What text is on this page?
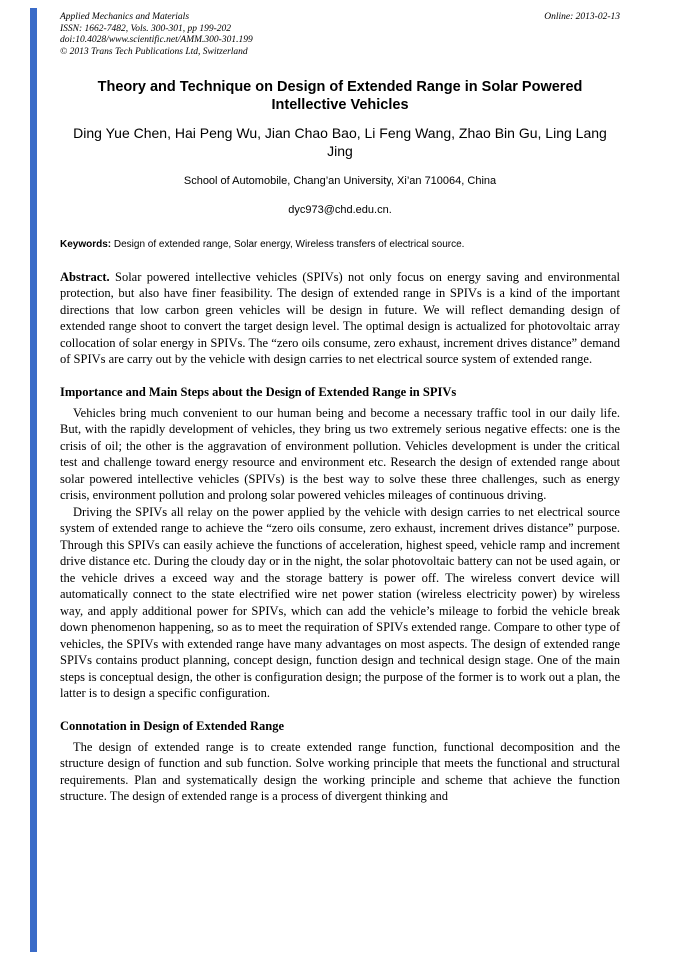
Applied Mechanics and Materials
ISSN: 1662-7482, Vols. 300-301, pp 199-202
doi:10.4028/www.scientific.net/AMM.300-301.199
© 2013 Trans Tech Publications Ltd, Switzerland
Online: 2013-02-13
Theory and Technique on Design of Extended Range in Solar Powered Intellective Vehicles
Ding Yue Chen, Hai Peng Wu, Jian Chao Bao, Li Feng Wang, Zhao Bin Gu, Ling Lang Jing
School of Automobile, Chang’an University, Xi’an 710064, China
dyc973@chd.edu.cn.

Keywords: Design of extended range, Solar energy, Wireless transfers of electrical source.

Abstract. Solar powered intellective vehicles (SPIVs) not only focus on energy saving and environmental protection, but also have finer feasibility. The design of extended range in SPIVs is a kind of the important directions that low carbon green vehicles will be design in future. We will reflect demanding design of extended range shoot to convert the target design level. The optimal design is actualized for photovoltaic array collocation of solar energy in SPIVs. The “zero oils consume, zero exhaust, increment drives distance” demand of SPIVs are carry out by the vehicle with design carries to net electrical source system of extended range.

Importance and Main Steps about the Design of Extended Range in SPIVs

Vehicles bring much convenient to our human being and become a necessary traffic tool in our daily life. But, with the rapidly development of vehicles, they bring us two extremely serious negative effects: one is the crisis of oil; the other is the aggravation of environment pollution. Vehicles development is under the critical test and challenge toward energy resource and environment etc. Research the design of extended range about solar powered intellective vehicles (SPIVs) is the best way to solve these three challenges, such as energy crisis, environment pollution and prolong solar powered vehicles mileages of continuous driving.

Driving the SPIVs all relay on the power applied by the vehicle with design carries to net electrical source system of extended range to achieve the “zero oils consume, zero exhaust, increment drives distance” purpose. Through this SPIVs can easily achieve the functions of acceleration, highest speed, vehicle ramp and increment drive distance etc. During the cloudy day or in the night, the solar photovoltaic battery can not be used again, or the vehicle drives a exceed way and the storage battery is power off. The wireless convert device will automatically connect to the state electrified wire net power station (wireless electricity power) by wireless way, and apply additional power for SPIVs, which can add the vehicle’s mileage to forbid the vehicle break down phenomenon happening, so as to meet the requiration of SPIVs extended range. Compare to other type of vehicles, the SPIVs with extended range have many advantages on most aspects. The design of extended range SPIVs contains product planning, concept design, function design and technical design stage. One of the main steps is conceptual design, the other is configuration design; the purpose of the former is to work out a plan, the latter is to design a specific configuration.

Connotation in Design of Extended Range

The design of extended range is to create extended range function, functional decomposition and the structure design of function and sub function. Solve working principle that meets the functional and structural requirements. Plan and systematically design the working principle and scheme that achieve the function structure. The design of extended range is a process of divergent thinking and
